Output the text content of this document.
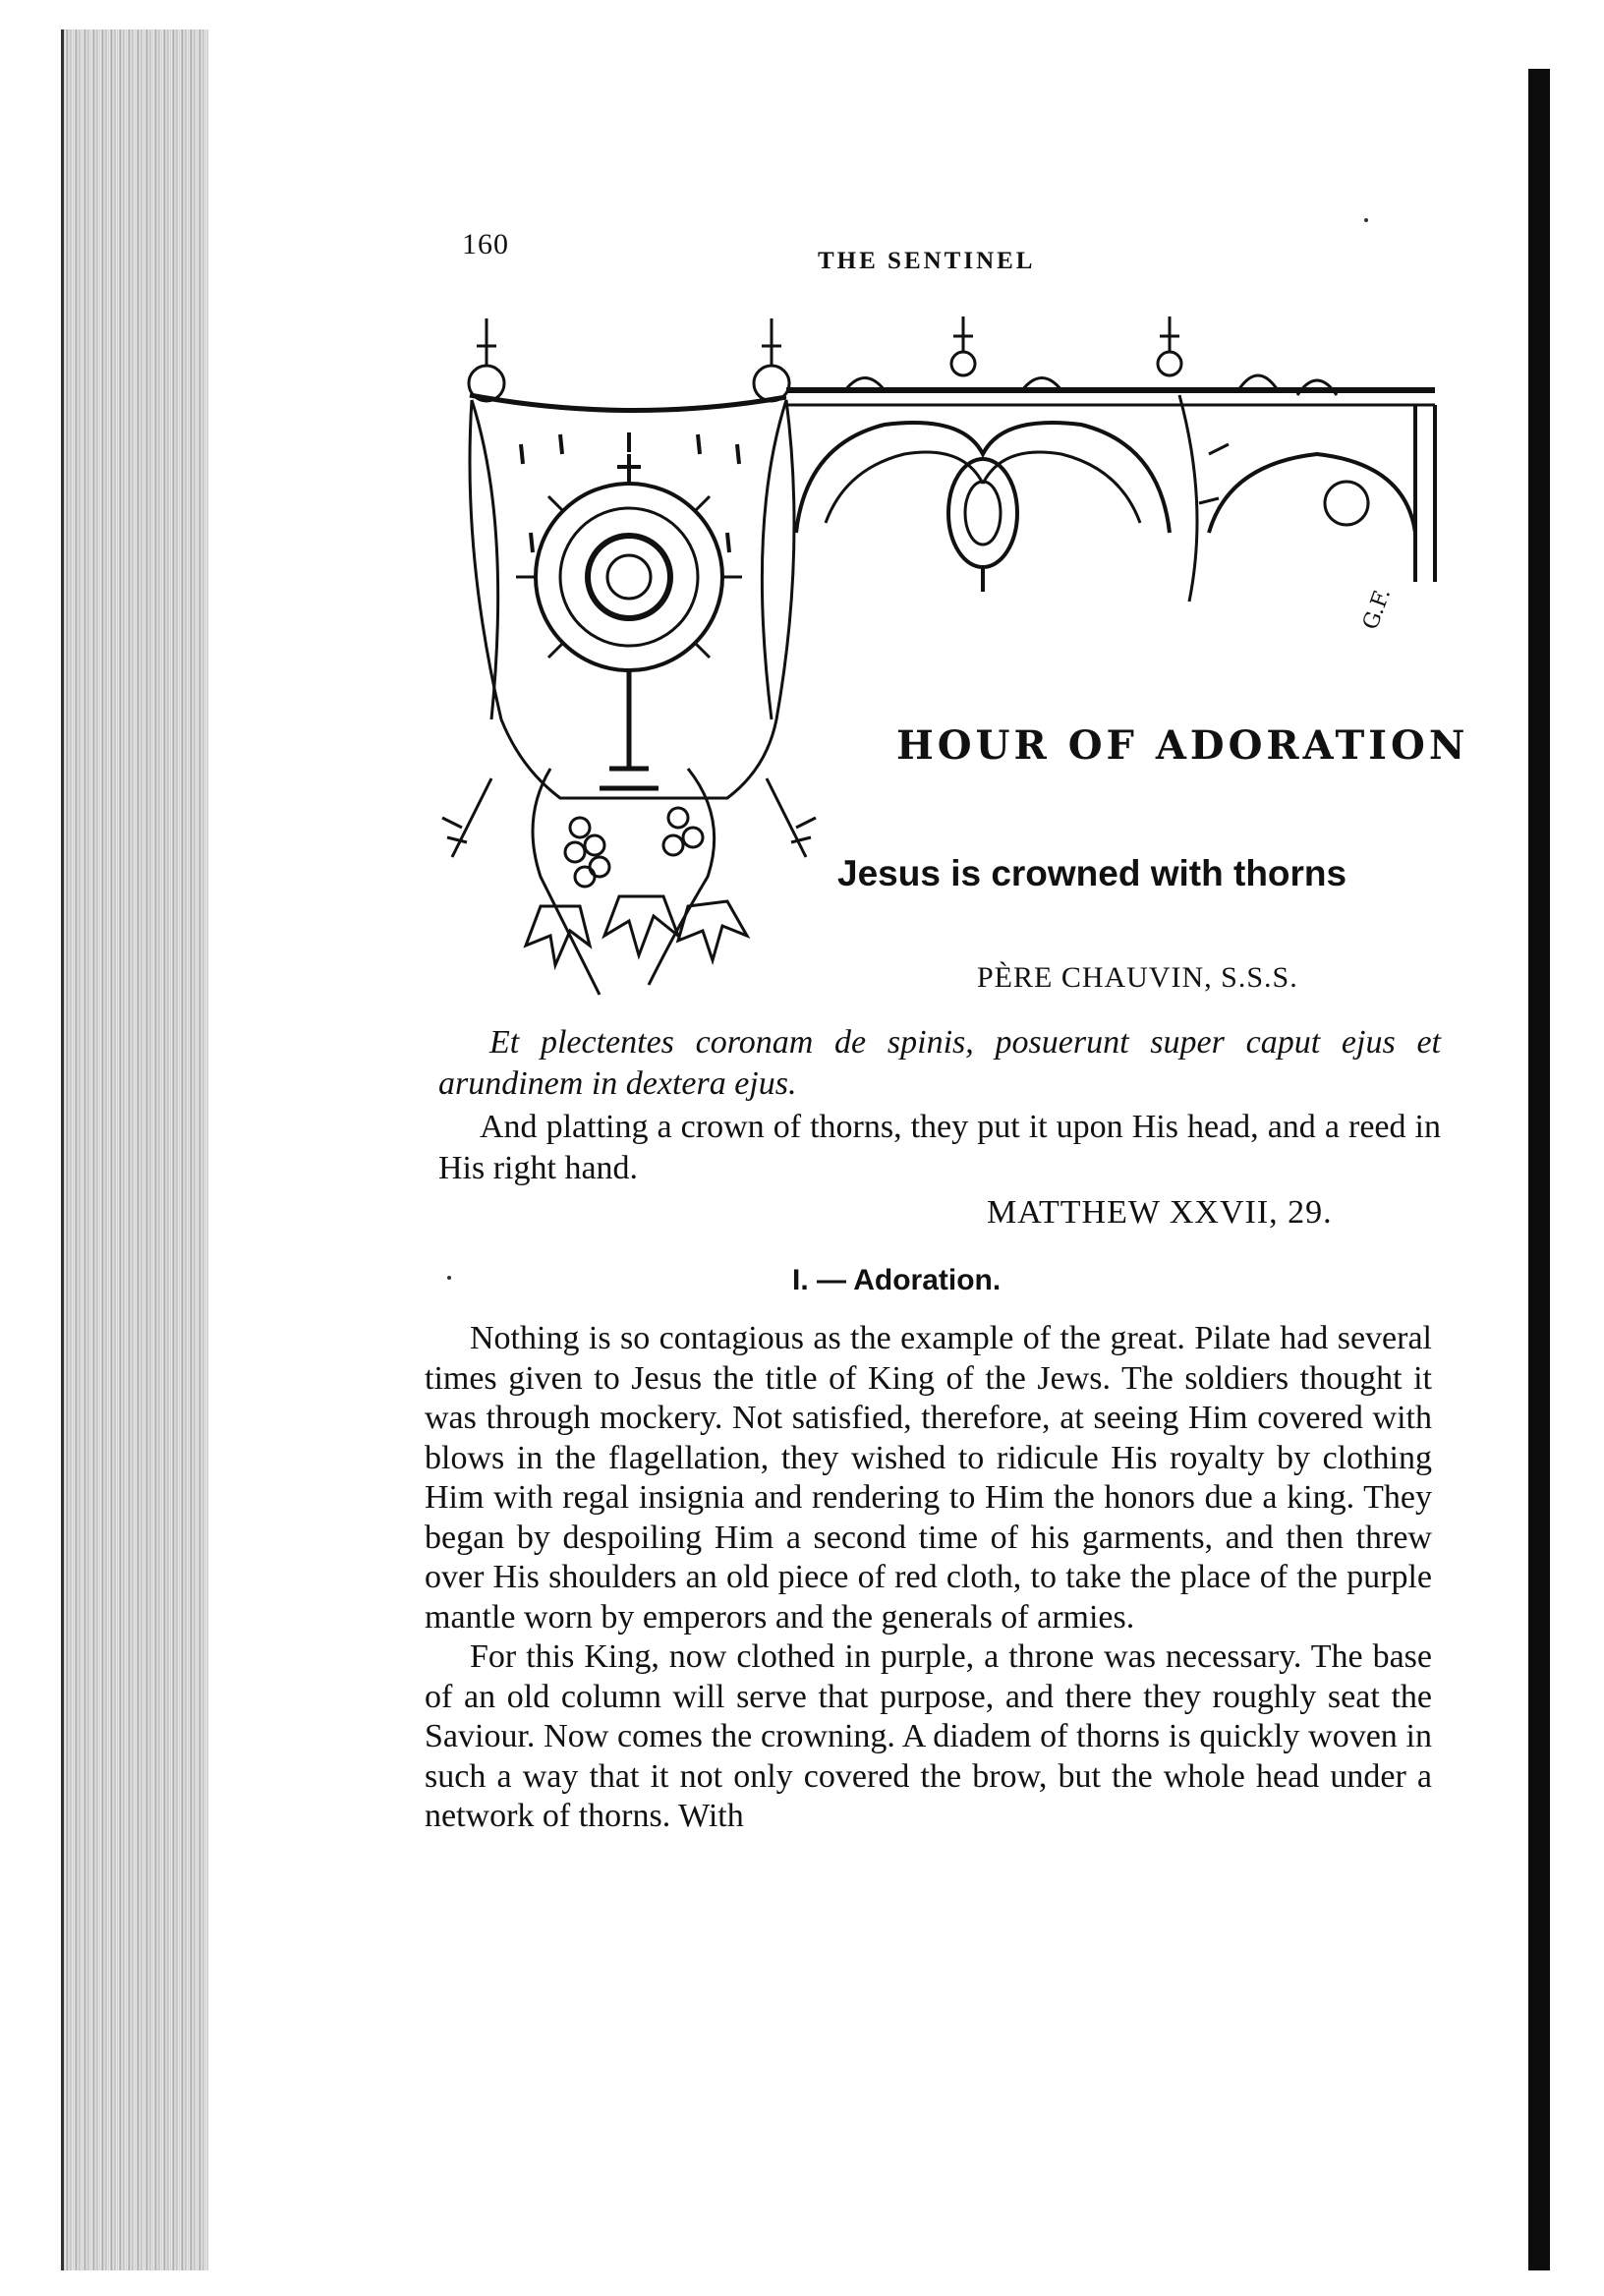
160
THE SENTINEL
G.F.
HOUR OF ADORATION
Jesus is crowned with thorns
PÈRE CHAUVIN, S.S.S.
Et plectentes coronam de spinis, posuerunt super caput ejus et arundinem in dextera ejus.
And platting a crown of thorns, they put it upon His head, and a reed in His right hand.
MATTHEW XXVII, 29.
I. — Adoration.

Nothing is so contagious as the example of the great. Pilate had several times given to Jesus the title of King of the Jews. The soldiers thought it was through mockery. Not satisfied, therefore, at seeing Him covered with blows in the flagellation, they wished to ridicule His royalty by clothing Him with regal insignia and rendering to Him the honors due a king. They began by despoiling Him a second time of his garments, and then threw over His shoulders an old piece of red cloth, to take the place of the purple mantle worn by emperors and the generals of armies.

For this King, now clothed in purple, a throne was necessary. The base of an old column will serve that purpose, and there they roughly seat the Saviour. Now comes the crowning. A diadem of thorns is quickly woven in such a way that it not only covered the brow, but the whole head under a network of thorns. With
